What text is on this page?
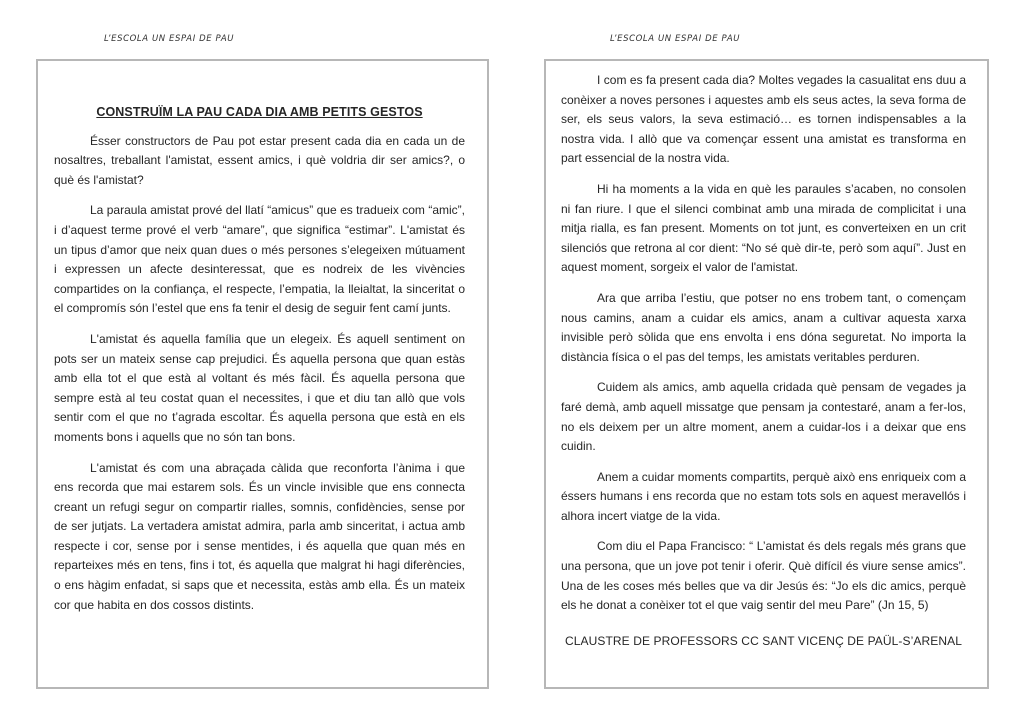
L’ESCOLA UN ESPAI DE PAU	L’ESCOLA UN ESPAI DE PAU
CONSTRUÏM LA PAU CADA DIA AMB PETITS GESTOS

Ésser constructors de Pau pot estar present cada dia en cada un de nosaltres, treballant l'amistat, essent amics, i què voldria dir ser amics?, o què és l'amistat?

La paraula amistat prové del llatí “amicus” que es tradueix com “amic”, i d’aquest terme prové el verb “amare”, que significa “estimar”. L'amistat és un tipus d’amor que neix quan dues o més persones s’elegeixen mútuament i expressen un afecte desinteressat, que es nodreix de les vivències compartides on la confiança, el respecte, l’empatia, la lleialtat, la sinceritat o el compromís són l’estel que ens fa tenir el desig de seguir fent camí junts.

L'amistat és aquella família que un elegeix. És aquell sentiment on pots ser un mateix sense cap prejudici. És aquella persona que quan estàs amb ella tot el que està al voltant és més fàcil. És aquella persona que sempre està al teu costat quan el necessites, i que et diu tan allò que vols sentir com el que no t’agrada escoltar. És aquella persona que està en els moments bons i aquells que no són tan bons.

L'amistat és com una abraçada càlida que reconforta l’ànima i que ens recorda que mai estarem sols. És un vincle invisible que ens connecta creant un refugi segur on compartir rialles, somnis, confidències, sense por de ser jutjats. La vertadera amistat admira, parla amb sinceritat, i actua amb respecte i cor, sense por i sense mentides, i és aquella que quan més en reparteixes més en tens, fins i tot, és aquella que malgrat hi hagi diferències, o ens hàgim enfadat, si saps que et necessita, estàs amb ella. És un mateix cor que habita en dos cossos distints.

I com es fa present cada dia? Moltes vegades la casualitat ens duu a conèixer a noves persones i aquestes amb els seus actes, la seva forma de ser, els seus valors, la seva estimació… es tornen indispensables a la nostra vida. I allò que va començar essent una amistat es transforma en part essencial de la nostra vida.

Hi ha moments a la vida en què les paraules s’acaben, no consolen ni fan riure. I que el silenci combinat amb una mirada de complicitat i una mitja rialla, es fan present. Moments on tot junt, es converteixen en un crit silenciós que retrona al cor dient: “No sé què dir-te, però som aquí”. Just en aquest moment, sorgeix el valor de l'amistat.

Ara que arriba l’estiu, que potser no ens trobem tant, o començam nous camins, anam a cuidar els amics, anam a cultivar aquesta xarxa invisible però sòlida que ens envolta i ens dóna seguretat. No importa la distància física o el pas del temps, les amistats veritables perduren.

Cuidem als amics, amb aquella cridada què pensam de vegades ja faré demà, amb aquell missatge que pensam ja contestaré, anam a fer-los, no els deixem per un altre moment, anem a cuidar-los i a deixar que ens cuidin.

Anem a cuidar moments compartits, perquè això ens enriqueix com a éssers humans i ens recorda que no estam tots sols en aquest meravellós i alhora incert viatge de la vida.

Com diu el Papa Francisco: “ L’amistat és dels regals més grans que una persona, que un jove pot tenir i oferir. Què difícil és viure sense amics”. Una de les coses més belles que va dir Jesús és: “Jo els dic amics, perquè els he donat a conèixer tot el que vaig sentir del meu Pare” (Jn 15, 5)

CLAUSTRE DE PROFESSORS CC SANT VICENÇ DE PAÜL-S’ARENAL
